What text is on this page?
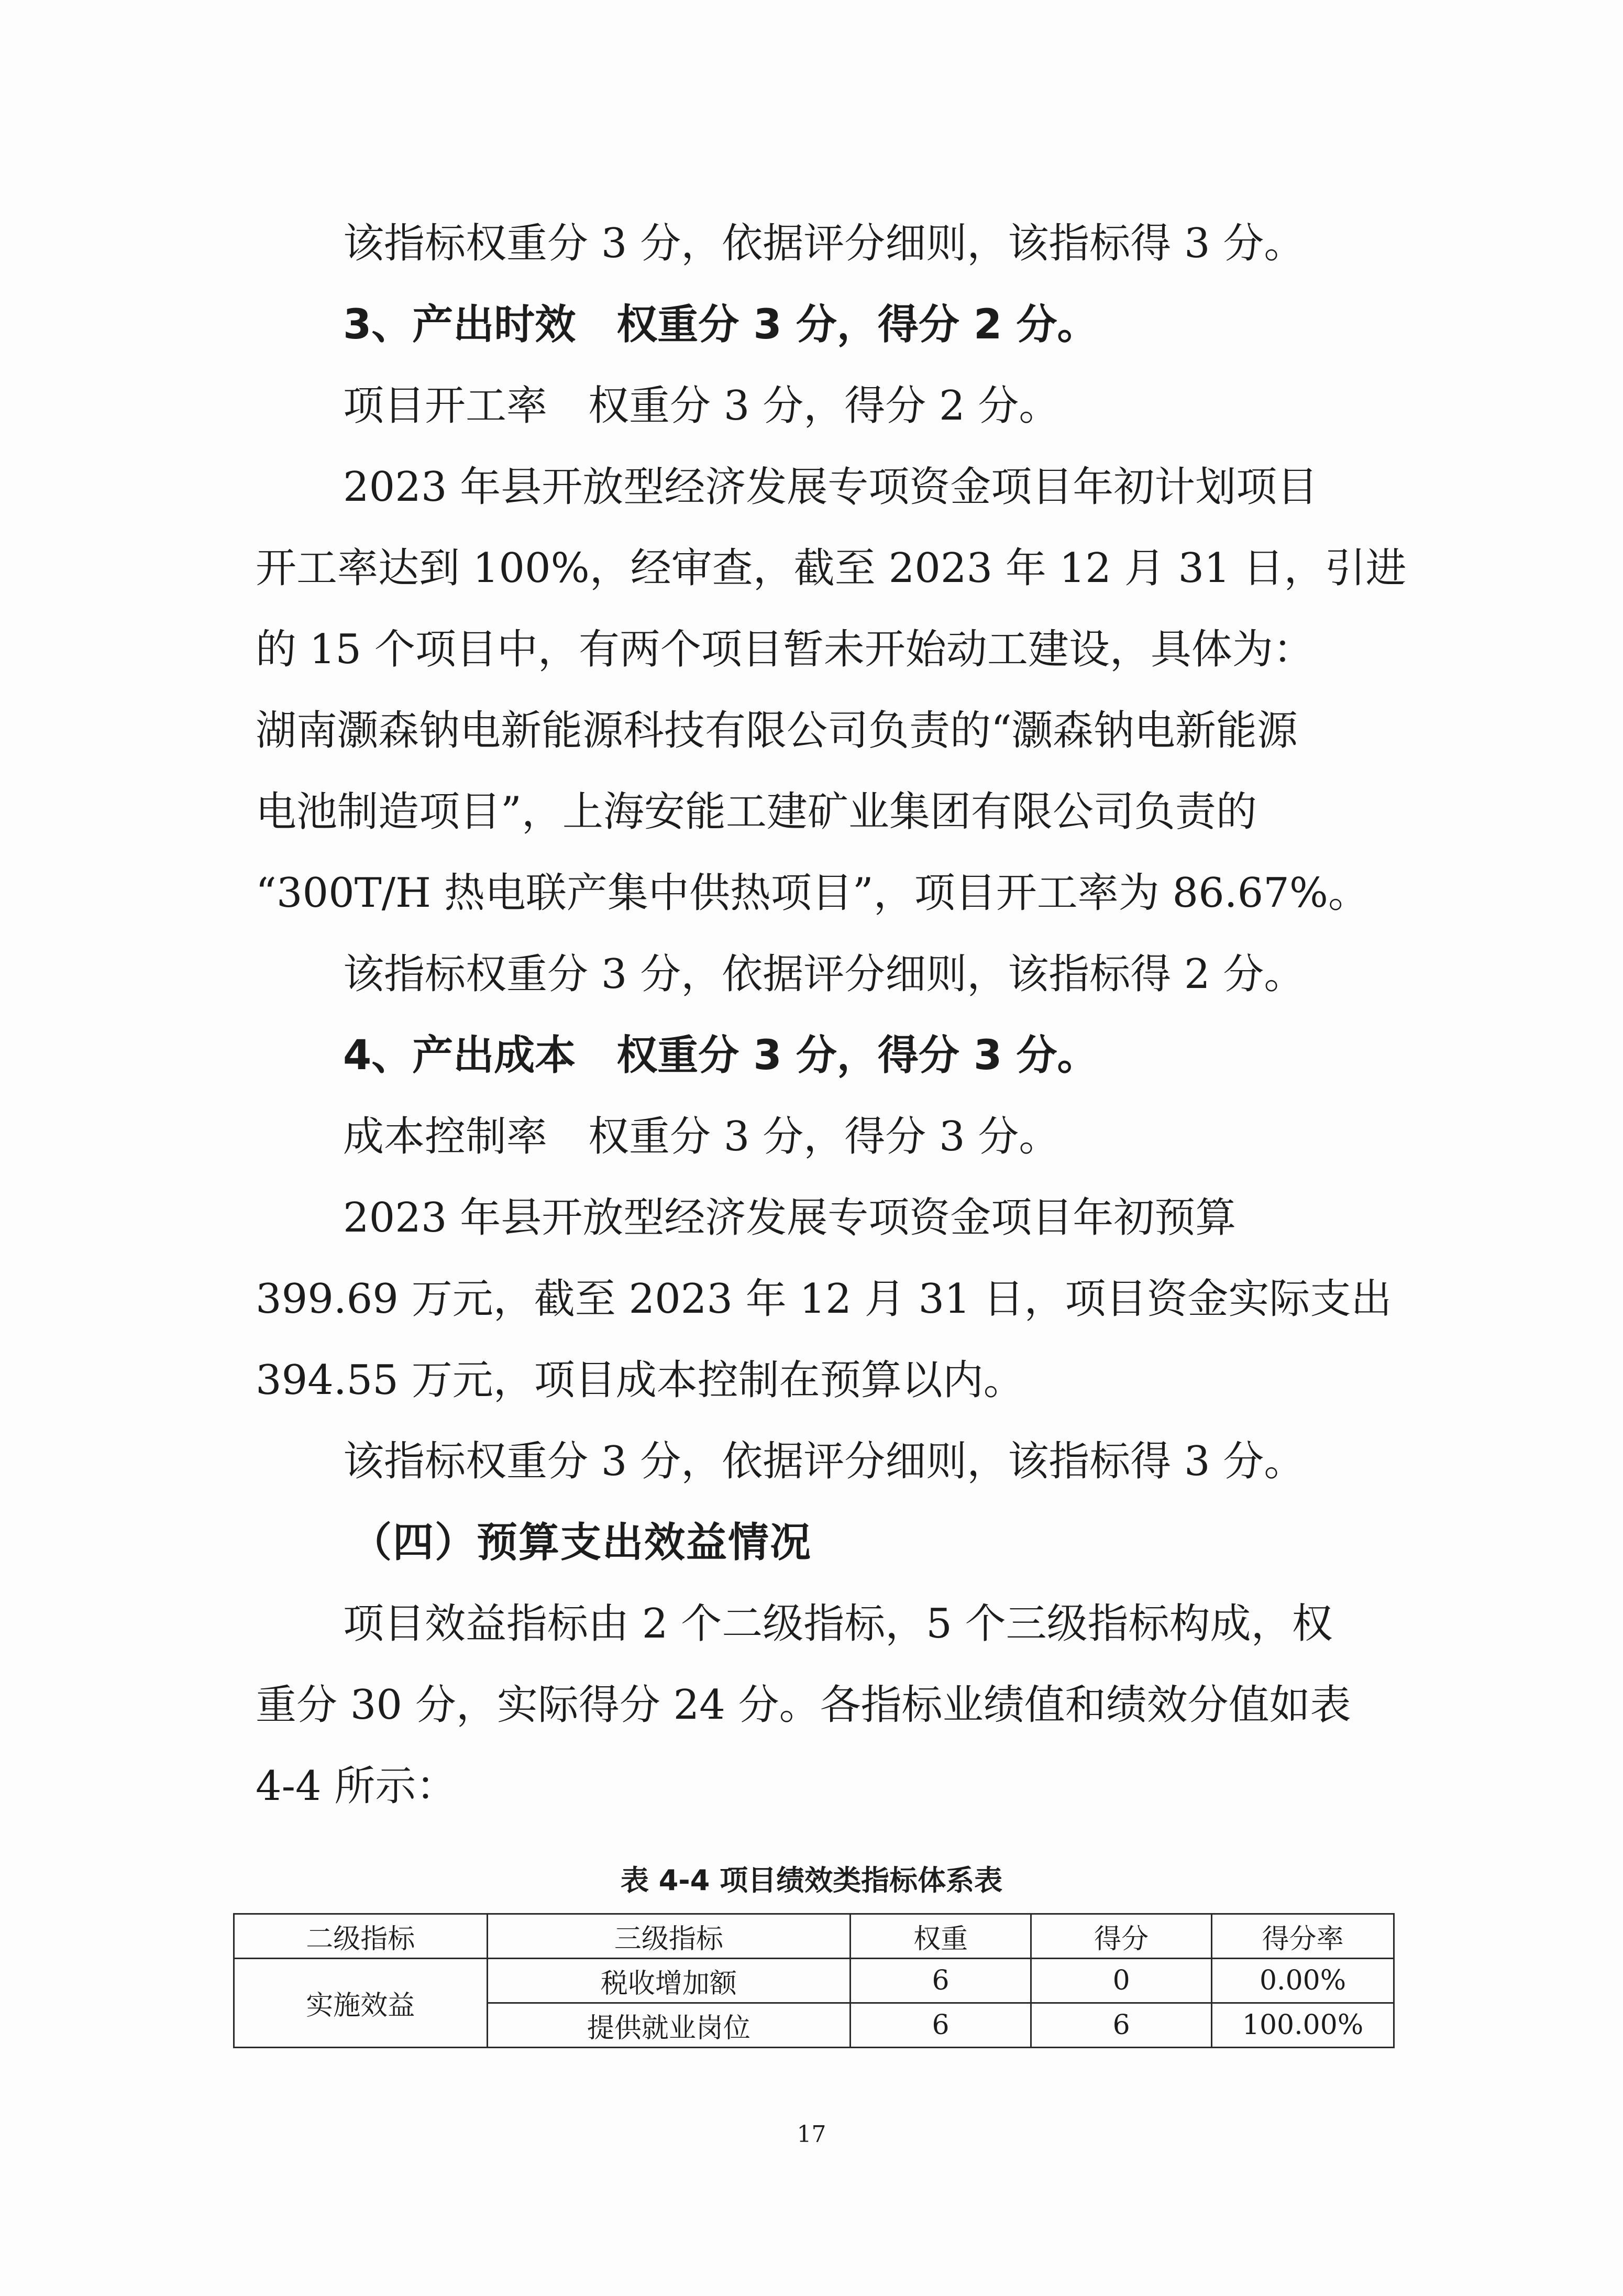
该指标权重分 3 分，依据评分细则，该指标得 3 分。
3、产出时效　权重分 3 分，得分 2 分。
项目开工率　权重分 3 分，得分 2 分。
2023 年县开放型经济发展专项资金项目年初计划项目
开工率达到 100%，经审查，截至 2023 年 12 月 31 日，引进
的 15 个项目中，有两个项目暂未开始动工建设，具体为：
湖南灏森钠电新能源科技有限公司负责的“灏森钠电新能源
电池制造项目”，上海安能工建矿业集团有限公司负责的
“300T/H 热电联产集中供热项目”，项目开工率为 86.67%。
该指标权重分 3 分，依据评分细则，该指标得 2 分。
4、产出成本　权重分 3 分，得分 3 分。
成本控制率　权重分 3 分，得分 3 分。
2023 年县开放型经济发展专项资金项目年初预算
399.69 万元，截至 2023 年 12 月 31 日，项目资金实际支出
394.55 万元，项目成本控制在预算以内。
该指标权重分 3 分，依据评分细则，该指标得 3 分。
（四）预算支出效益情况
项目效益指标由 2 个二级指标，5 个三级指标构成，权
重分 30 分，实际得分 24 分。各指标业绩值和绩效分值如表
4-4 所示：
表 4-4 项目绩效类指标体系表
二级指标	三级指标	权重	得分	得分率
实施效益	税收增加额	6	0	0.00%
	提供就业岗位	6	6	100.00%
17
